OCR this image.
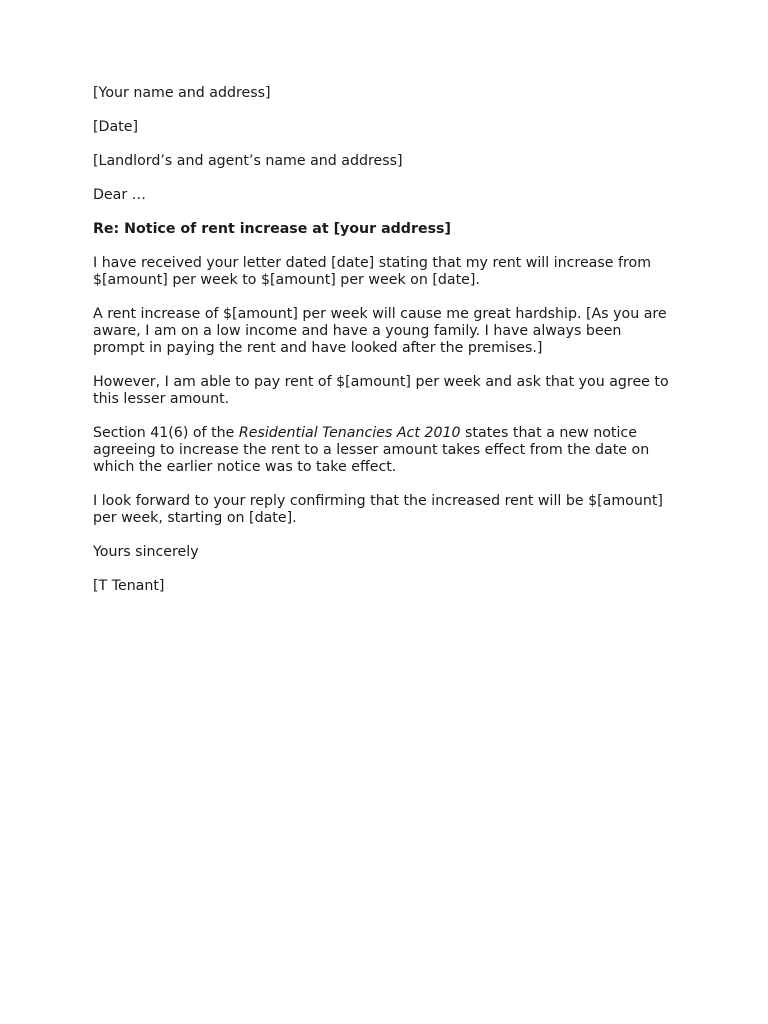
[Your name and address]

[Date]

[Landlord’s and agent’s name and address]

Dear …

Re: Notice of rent increase at [your address]

I have received your letter dated [date] stating that my rent will increase from $[amount] per week to $[amount] per week on [date].

A rent increase of $[amount] per week will cause me great hardship. [As you are aware, I am on a low income and have a young family. I have always been prompt in paying the rent and have looked after the premises.]

However, I am able to pay rent of $[amount] per week and ask that you agree to this lesser amount.

Section 41(6) of the Residential Tenancies Act 2010 states that a new notice agreeing to increase the rent to a lesser amount takes effect from the date on which the earlier notice was to take effect.

I look forward to your reply confirming that the increased rent will be $[amount] per week, starting on [date].

Yours sincerely

[T Tenant]
